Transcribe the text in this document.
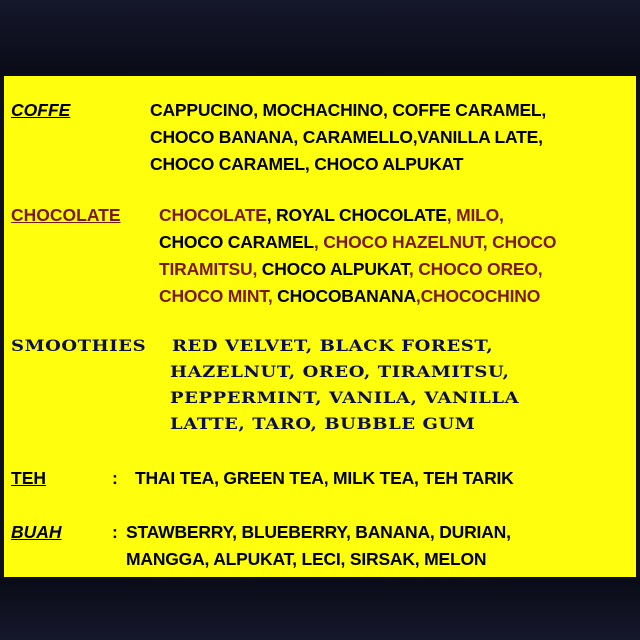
COFFE	CAPPUCINO, MOCHACHINO, COFFE CARAMEL,
CHOCO BANANA, CARAMELLO,VANILLA LATE,
CHOCO CARAMEL, CHOCO ALPUKAT
CHOCOLATE CHOCOLATE, ROYAL CHOCOLATE, MILO,
CHOCO CARAMEL, CHOCO HAZELNUT, CHOCO
TIRAMITSU, CHOCO ALPUKAT, CHOCO OREO,
CHOCO MINT, CHOCOBANANA,CHOCOCHINO
SMOOTHIES RED VELVET, BLACK FOREST,
HAZELNUT, OREO, TIRAMITSU,
PEPPERMINT, VANILA, VANILLA
LATTE, TARO, BUBBLE GUM
TEH	: THAI TEA, GREEN TEA, MILK TEA, TEH TARIK
BUAH	: STAWBERRY, BLUEBERRY, BANANA, DURIAN,
MANGGA, ALPUKAT, LECI, SIRSAK, MELON
